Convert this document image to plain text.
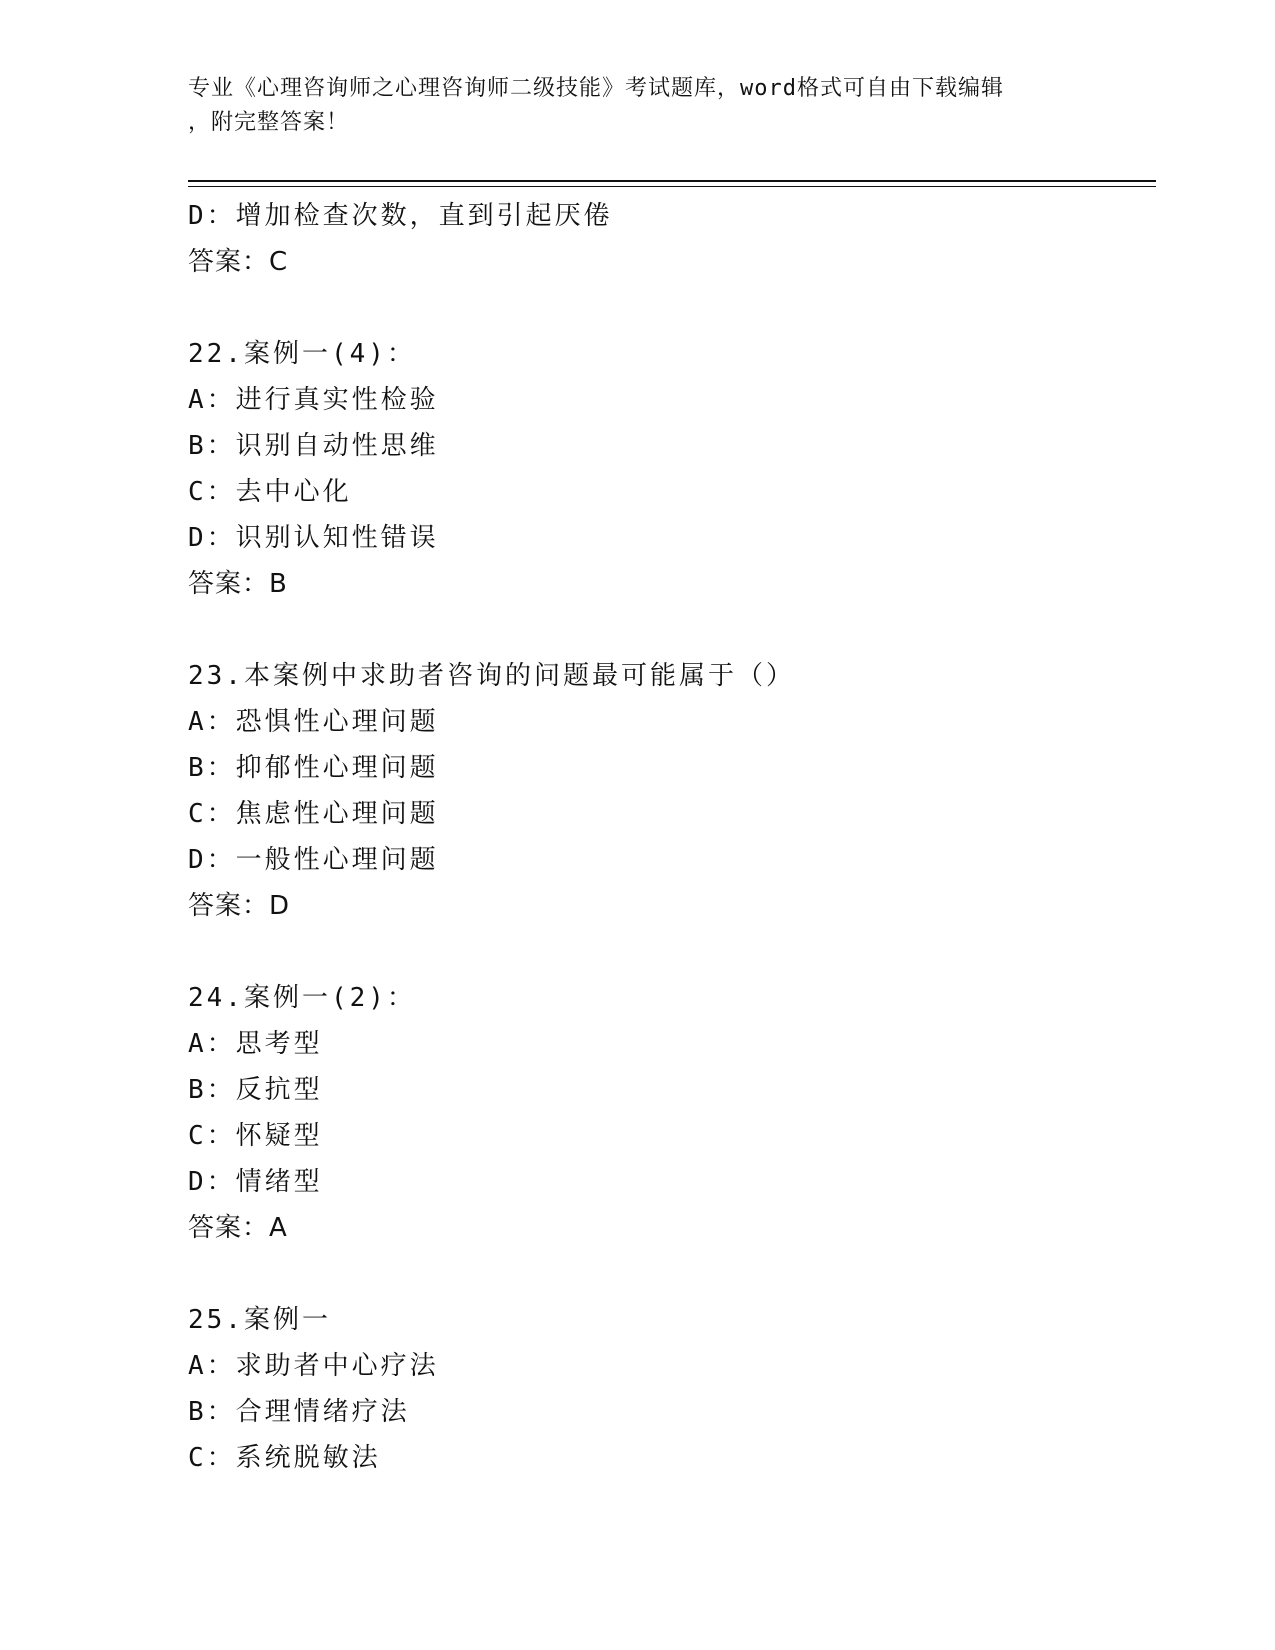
专业《心理咨询师之心理咨询师二级技能》考试题库，word格式可自由下载编辑
，附完整答案！
D：增加检查次数，直到引起厌倦
答案：C
22.案例一(4)：
A：进行真实性检验
B：识别自动性思维
C：去中心化
D：识别认知性错误
答案：B
23.本案例中求助者咨询的问题最可能属于（）
A：恐惧性心理问题
B：抑郁性心理问题
C：焦虑性心理问题
D：一般性心理问题
答案：D
24.案例一(2)：
A：思考型
B：反抗型
C：怀疑型
D：情绪型
答案：A
25.案例一
A：求助者中心疗法
B：合理情绪疗法
C：系统脱敏法
